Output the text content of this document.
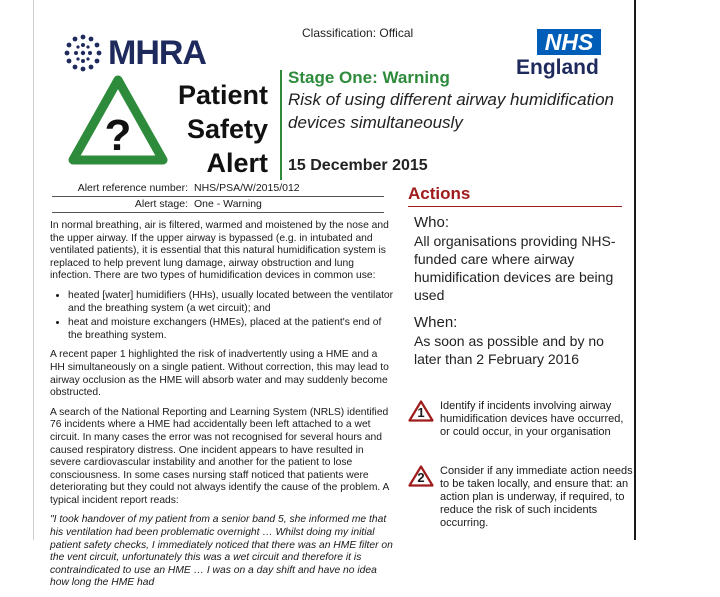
MHRA
Classification: Offical	NHS
England
?
Patient
Safety
Alert
Stage One: Warning
Risk of using different airway humidification devices simultaneously
15 December 2015
Alert reference number: NHS/PSA/W/2015/012
Alert stage: One - Warning

In normal breathing, air is filtered, warmed and moistened by the nose and the upper airway. If the upper airway is bypassed (e.g. in intubated and ventilated patients), it is essential that this natural humidification system is replaced to help prevent lung damage, airway obstruction and lung infection. There are two types of humidification devices in common use:

• heated [water] humidifiers (HHs), usually located between the ventilator and the breathing system (a wet circuit); and
• heat and moisture exchangers (HMEs), placed at the patient's end of the breathing system.

A recent paper 1 highlighted the risk of inadvertently using a HME and a HH simultaneously on a single patient. Without correction, this may lead to airway occlusion as the HME will absorb water and may suddenly become obstructed.

A search of the National Reporting and Learning System (NRLS) identified 76 incidents where a HME had accidentally been left attached to a wet circuit. In many cases the error was not recognised for several hours and caused respiratory distress. One incident appears to have resulted in severe cardiovascular instability and another for the patient to lose consciousness. In some cases nursing staff noticed that patients were deteriorating but they could not always identify the cause of the problem. A typical incident report reads:

"I took handover of my patient from a senior band 5, she informed me that his ventilation had been problematic overnight … Whilst doing my initial patient safety checks, I immediately noticed that there was an HME filter on the vent circuit, unfortunately this was a wet circuit and therefore it is contraindicated to use an HME … I was on a day shift and have no idea how long the HME had

Actions
Who:
All organisations providing NHS-funded care where airway humidification devices are being used
When:
As soon as possible and by no later than 2 February 2016
1	Identify if incidents involving airway humidification devices have occurred, or could occur, in your organisation
2	Consider if any immediate action needs to be taken locally, and ensure that: an action plan is underway, if required, to reduce the risk of such incidents occurring.
